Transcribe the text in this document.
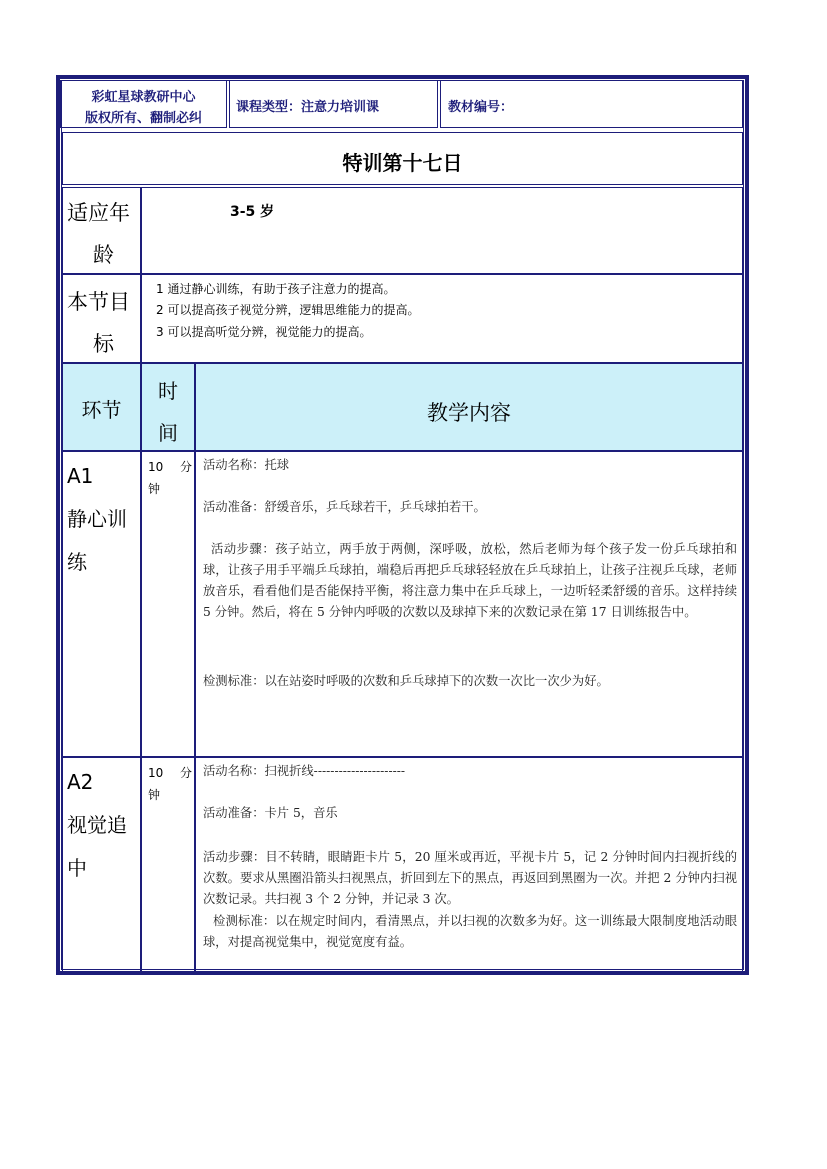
彩虹星球教研中心
版权所有、翻制必纠
课程类型：注意力培训课	教材编号：
特训第十七日
适应年
龄
3-5 岁
本节目
标
1 通过静心训练，有助于孩子注意力的提高。
2 可以提高孩子视觉分辨，逻辑思维能力的提高。
3 可以提高听觉分辨，视觉能力的提高。
环节
时
间
教学内容
A1
静心训
练
10 分
钟
活动名称：托球
活动准备：舒缓音乐，乒乓球若干，乒乓球拍若干。
活动步骤：孩子站立，两手放于两侧，深呼吸，放松，然后老师为每个孩子发一份乒乓球拍和球，让孩子用手平端乒乓球拍，端稳后再把乒乓球轻轻放在乒乓球拍上，让孩子注视乒乓球，老师放音乐，看看他们是否能保持平衡，将注意力集中在乒乓球上，一边听轻柔舒缓的音乐。这样持续 5 分钟。然后，将在 5 分钟内呼吸的次数以及球掉下来的次数记录在第 17 日训练报告中。
检测标准：以在站姿时呼吸的次数和乒乓球掉下的次数一次比一次少为好。
A2
视觉追
中
10 分
钟
活动名称：扫视折线----------------------
活动准备：卡片 5，音乐
活动步骤：目不转睛，眼睛距卡片 5，20 厘米或再近，平视卡片 5，记 2 分钟时间内扫视折线的次数。要求从黑圈沿箭头扫视黑点，折回到左下的黑点，再返回到黑圈为一次。并把 2 分钟内扫视次数记录。共扫视 3 个 2 分钟，并记录 3 次。
检测标准：以在规定时间内，看清黑点，并以扫视的次数多为好。这一训练最大限制度地活动眼球，对提高视觉集中，视觉宽度有益。
